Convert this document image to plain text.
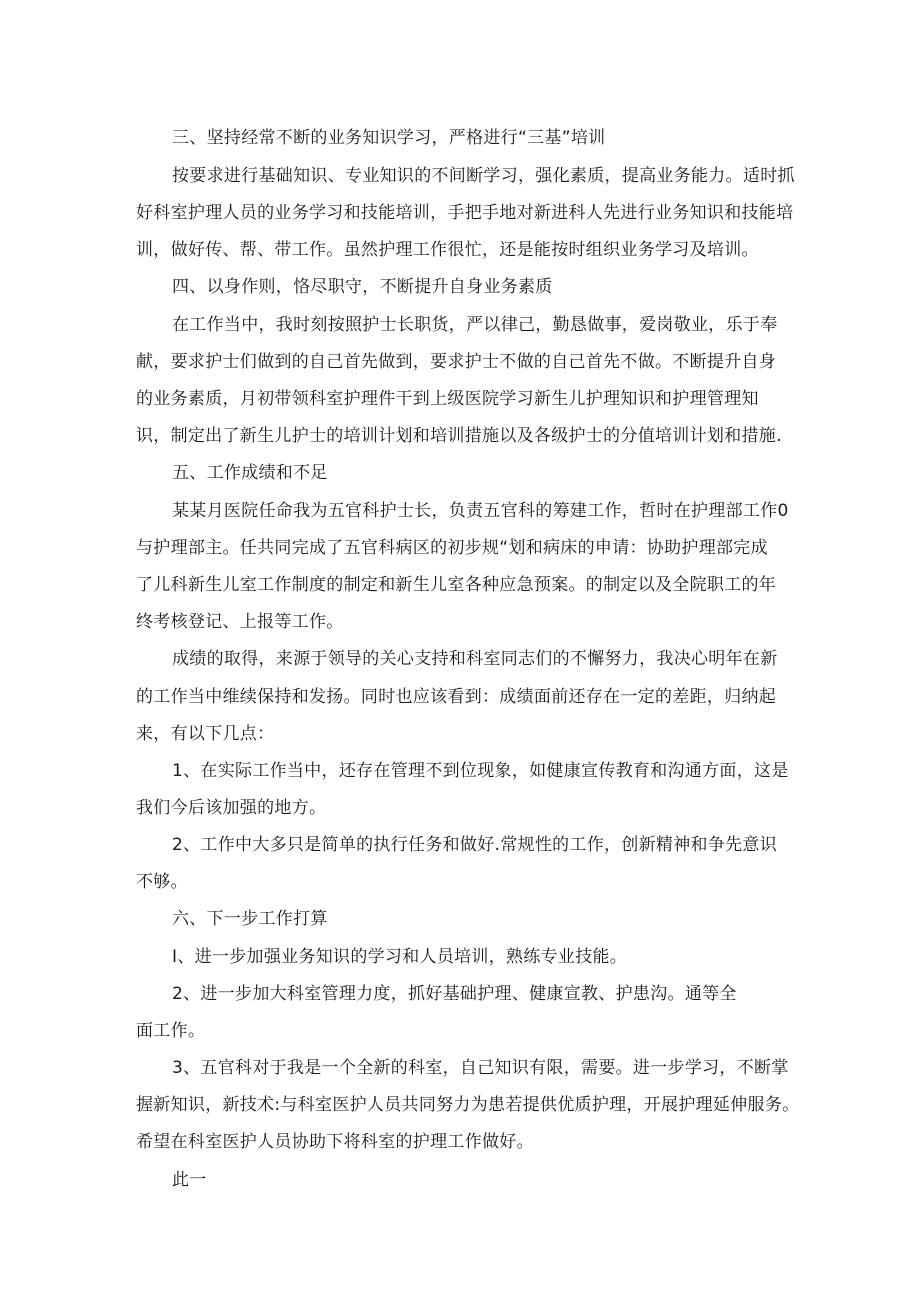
三、坚持经常不断的业务知识学习，严格进行“三基”培训
按要求进行基础知识、专业知识的不间断学习，强化素质，提高业务能力。适时抓
好科室护理人员的业务学习和技能培训，手把手地对新进科人先进行业务知识和技能培
训，做好传、帮、带工作。虽然护理工作很忙，还是能按时组织业务学习及培训。
四、以身作则，恪尽职守，不断提升自身业务素质
在工作当中，我时刻按照护士长职货，严以律己，勤恳做事，爱岗敬业，乐于奉
献，要求护士们做到的自己首先做到，要求护士不做的自己首先不做。不断提升自身
的业务素质，月初带领科室护理件干到上级医院学习新生儿护理知识和护理管理知
识，制定出了新生儿护士的培训计划和培训措施以及各级护士的分值培训计划和措施.
五、工作成绩和不足
某某月医院任命我为五官科护士长，负责五官科的筹建工作，哲时在护理部工作0
与护理部主。任共同完成了五官科病区的初步规“划和病床的申请：协助护理部完成
了儿科新生儿室工作制度的制定和新生儿室各种应急预案。的制定以及全院职工的年
终考核登记、上报等工作。
成绩的取得，来源于领导的关心支持和科室同志们的不懈努力，我决心明年在新
的工作当中维续保持和发扬。同时也应该看到：成绩面前还存在一定的差距，归纳起
来，有以下几点：
1、在实际工作当中，还存在管理不到位现象，如健康宣传教育和沟通方面，这是
我们今后该加强的地方。
2、工作中大多只是简单的执行任务和做好.常规性的工作，创新精神和争先意识
不够。
六、下一步工作打算
I、进一步加强业务知识的学习和人员培训，熟练专业技能。
2、进一步加大科室管理力度，抓好基础护理、健康宣教、护患沟。通等全
面工作。
3、五官科对于我是一个全新的科室，自己知识有限，需要。进一步学习，不断掌
握新知识，新技术:与科室医护人员共同努力为患若提供优质护理，开展护理延伸服务。
希望在科室医护人员协助下将科室的护理工作做好。
此一
